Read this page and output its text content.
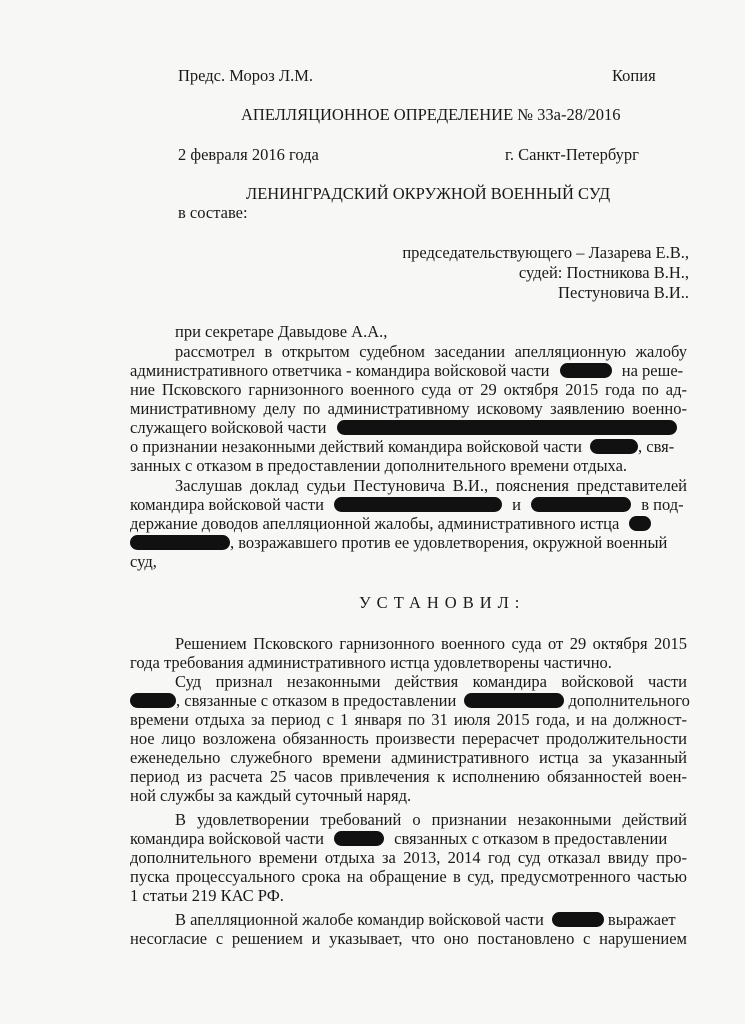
Предс. Мороз Л.М.	Копия
АПЕЛЛЯЦИОННОЕ ОПРЕДЕЛЕНИЕ № 33а-28/2016
2 февраля 2016 года	г. Санкт-Петербург
ЛЕНИНГРАДСКИЙ ОКРУЖНОЙ ВОЕННЫЙ СУД
в составе:
председательствующего – Лазарева Е.В.,
судей: Постникова В.Н.,
Пестуновича В.И..
при секретаре Давыдове А.А.,
рассмотрел в открытом судебном заседании апелляционную жалобу
административного ответчика - командира войсковой части	на реше-
ние Псковского гарнизонного военного суда от 29 октября 2015 года по ад-
министративному делу по административному исковому заявлению военно-
служащего войсковой части
о признании незаконными действий командира войсковой части	, свя-
занных с отказом в предоставлении дополнительного времени отдыха.
Заслушав доклад судьи Пестуновича В.И., пояснения представителей
командира войсковой части	и	в под-
держание доводов апелляционной жалобы, административного истца
, возражавшего против ее удовлетворения, окружной военный
суд,
УСТАНОВИЛ:
Решением Псковского гарнизонного военного суда от 29 октября 2015
года требования административного истца удовлетворены частично.
Суд признал незаконными действия командира войсковой части
, связанные с отказом в предоставлении	дополнительного
времени отдыха за период с 1 января по 31 июля 2015 года, и на должност-
ное лицо возложена обязанность произвести перерасчет продолжительности
еженедельно служебного времени административного истца за указанный
период из расчета 25 часов привлечения к исполнению обязанностей воен-
ной службы за каждый суточный наряд.
В удовлетворении требований о признании незаконными действий
командира войсковой части	связанных с отказом в предоставлении
дополнительного времени отдыха за 2013, 2014 год суд отказал ввиду про-
пуска процессуального срока на обращение в суд, предусмотренного частью
1 статьи 219 КАС РФ.
В апелляционной жалобе командир войсковой части	выражает
несогласие с решением и указывает, что оно постановлено с нарушением
